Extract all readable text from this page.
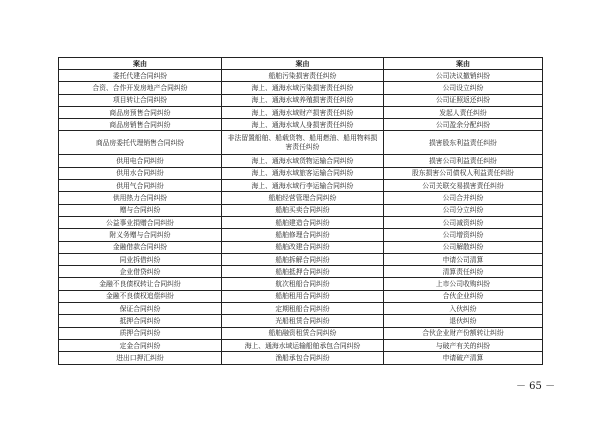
案由	案由	案由
委托代建合同纠纷	船舶污染损害责任纠纷	公司决议撤销纠纷
合资、合作开发房地产合同纠纷	海上、通海水域污染损害责任纠纷	公司设立纠纷
项目转让合同纠纷	海上、通海水域养殖损害责任纠纷	公司证照返还纠纷
商品房预售合同纠纷	海上、通海水域财产损害责任纠纷	发起人责任纠纷
商品房销售合同纠纷	海上、通海水域人身损害责任纠纷	公司盈余分配纠纷
商品房委托代理销售合同纠纷	非法留置船舶、船载货物、船用燃油、船用物料损害责任纠纷	损害股东利益责任纠纷
供用电合同纠纷	海上、通海水域货物运输合同纠纷	损害公司利益责任纠纷
供用水合同纠纷	海上、通海水域旅客运输合同纠纷	股东损害公司债权人利益责任纠纷
供用气合同纠纷	海上、通海水域行李运输合同纠纷	公司关联交易损害责任纠纷
供用热力合同纠纷	船舶经营管理合同纠纷	公司合并纠纷
赠与合同纠纷	船舶买卖合同纠纷	公司分立纠纷
公益事业捐赠合同纠纷	船舶建造合同纠纷	公司减资纠纷
附义务赠与合同纠纷	船舶修理合同纠纷	公司增资纠纷
金融借款合同纠纷	船舶改建合同纠纷	公司解散纠纷
同业拆借纠纷	船舶拆解合同纠纷	申请公司清算
企业借贷纠纷	船舶抵押合同纠纷	清算责任纠纷
金融不良债权转让合同纠纷	航次租船合同纠纷	上市公司收购纠纷
金融不良债权追偿纠纷	船舶租用合同纠纷	合伙企业纠纷
保证合同纠纷	定期租船合同纠纷	入伙纠纷
抵押合同纠纷	光船租赁合同纠纷	退伙纠纷
质押合同纠纷	船舶融资租赁合同纠纷	合伙企业财产份额转让纠纷
定金合同纠纷	海上、通海水域运输船舶承包合同纠纷	与破产有关的纠纷
进出口押汇纠纷	渔船承包合同纠纷	申请破产清算
－ 65 －
